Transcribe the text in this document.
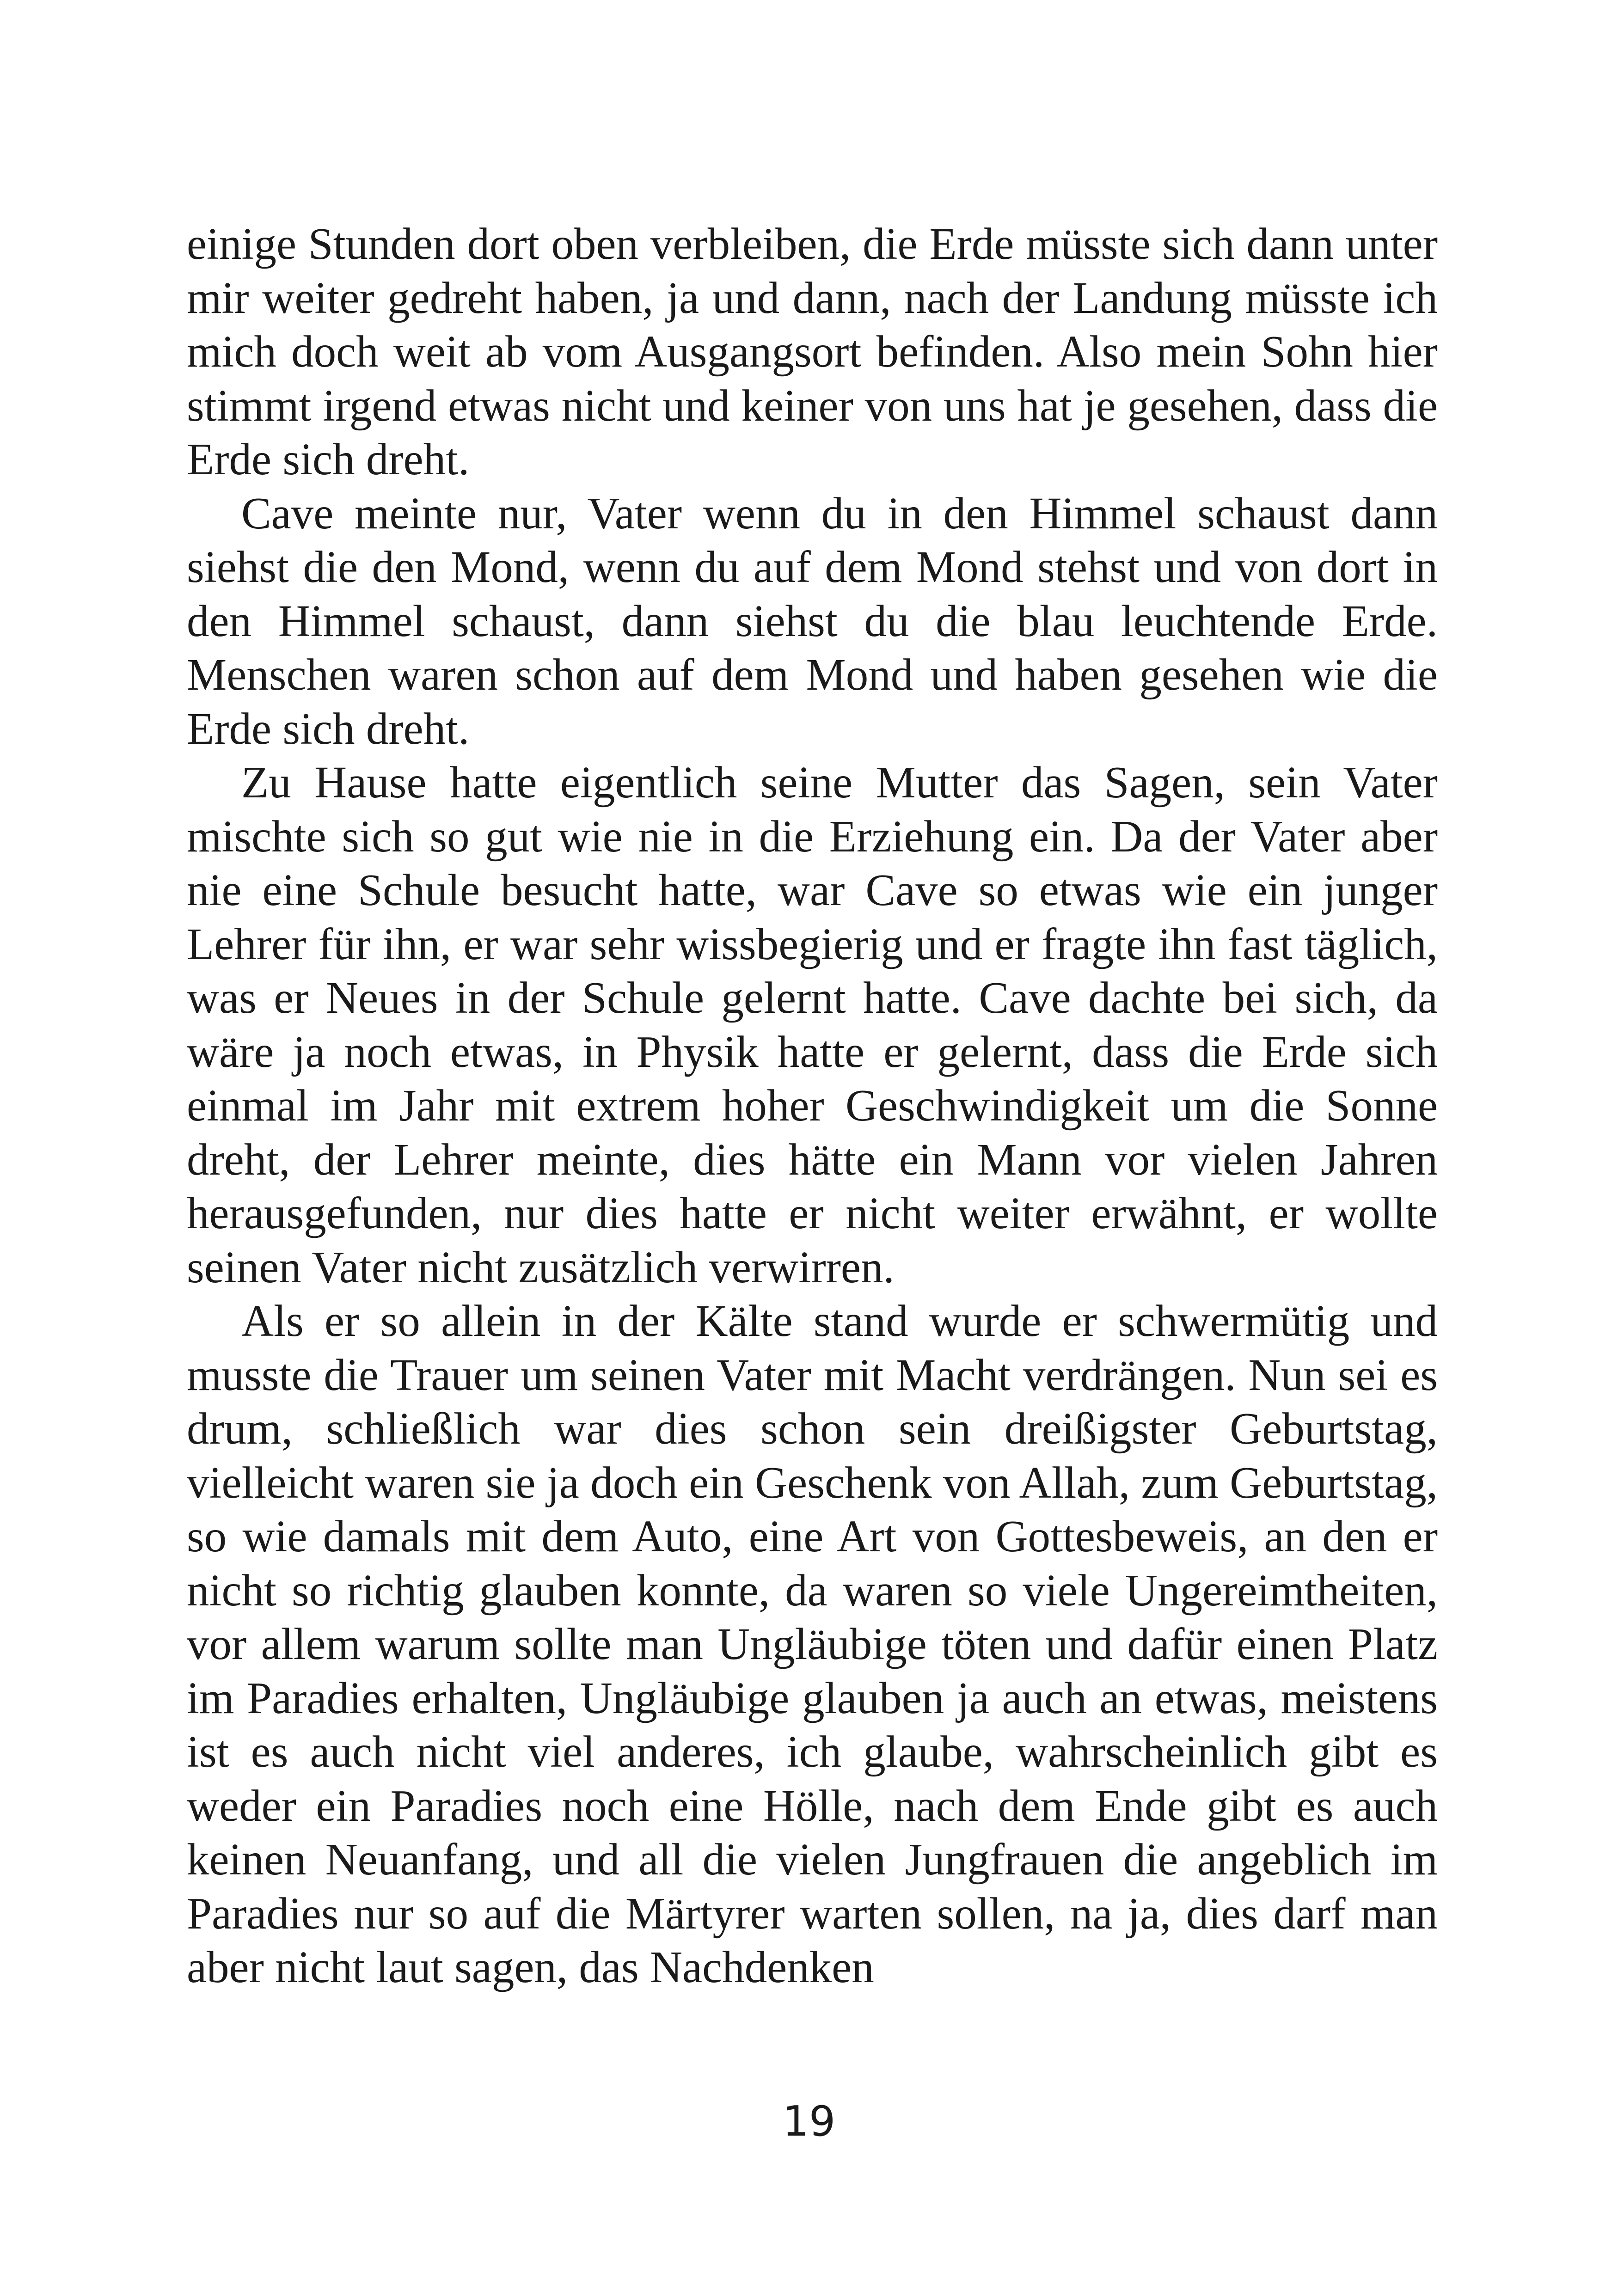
einige Stunden dort oben verbleiben, die Erde müsste sich dann unter mir weiter gedreht haben, ja und dann, nach der Landung müsste ich mich doch weit ab vom Ausgangsort befinden. Also mein Sohn hier stimmt irgend etwas nicht und keiner von uns hat je gesehen, dass die Erde sich dreht.

Cave meinte nur, Vater wenn du in den Himmel schaust dann siehst die den Mond, wenn du auf dem Mond stehst und von dort in den Himmel schaust, dann siehst du die blau leuchtende Erde. Menschen waren schon auf dem Mond und haben gesehen wie die Erde sich dreht.

Zu Hause hatte eigentlich seine Mutter das Sagen, sein Vater mischte sich so gut wie nie in die Erziehung ein. Da der Vater aber nie eine Schule besucht hatte, war Cave so etwas wie ein junger Lehrer für ihn, er war sehr wissbegierig und er fragte ihn fast täglich, was er Neues in der Schule gelernt hatte. Cave dachte bei sich, da wäre ja noch etwas, in Physik hatte er gelernt, dass die Erde sich einmal im Jahr mit extrem hoher Geschwindigkeit um die Sonne dreht, der Lehrer meinte, dies hätte ein Mann vor vielen Jahren herausgefunden, nur dies hatte er nicht weiter erwähnt, er wollte seinen Vater nicht zusätzlich verwirren.

Als er so allein in der Kälte stand wurde er schwermütig und musste die Trauer um seinen Vater mit Macht verdrängen. Nun sei es drum, schließlich war dies schon sein dreißigster Geburtstag, vielleicht waren sie ja doch ein Geschenk von Allah, zum Geburtstag, so wie damals mit dem Auto, eine Art von Gottesbeweis, an den er nicht so richtig glauben konnte, da waren so viele Ungereimtheiten, vor allem warum sollte man Ungläubige töten und dafür einen Platz im Paradies erhalten, Ungläubige glauben ja auch an etwas, meistens ist es auch nicht viel anderes, ich glaube, wahrscheinlich gibt es weder ein Paradies noch eine Hölle, nach dem Ende gibt es auch keinen Neuanfang, und all die vielen Jungfrauen die angeblich im Paradies nur so auf die Märtyrer warten sollen, na ja, dies darf man aber nicht laut sagen, das Nachdenken

19
